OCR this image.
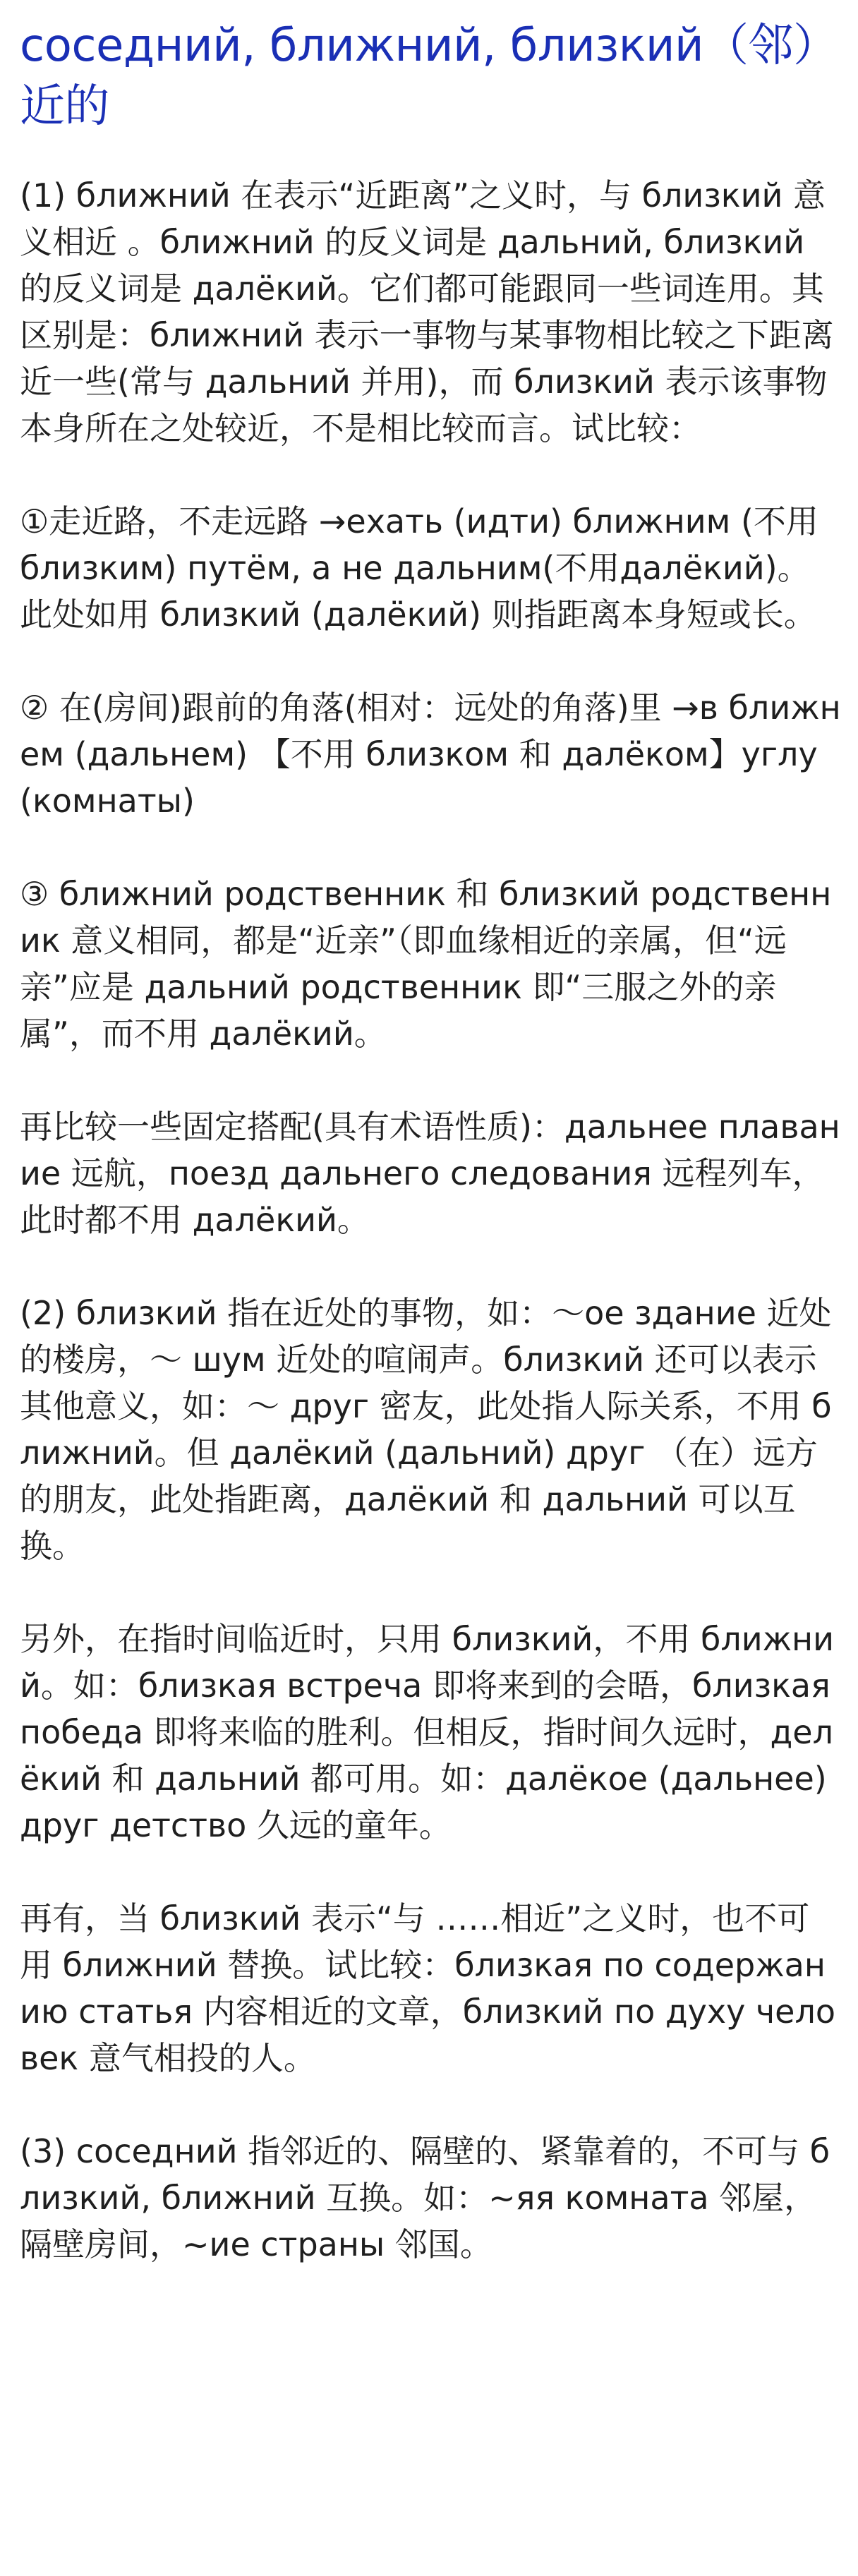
соседний, ближний, близкий（邻）近的

(1) ближний 在表示“近距离”之义时，与 близкий 意义相近 。ближний 的反义词是 дальний, близкий 的反义词是 далёкий。它们都可能跟同一些词连用。其区别是：ближний 表示一事物与某事物相比较之下距离近一些(常与 дальний 并用)，而 близкий 表示该事物本身所在之处较近，不是相比较而言。试比较：

①走近路，不走远路 →ехать (идти) ближним (不用 близким) путём, а не дальним(不用далёкий)。此处如用 близкий (далёкий) 则指距离本身短或长。

② 在(房间)跟前的角落(相对：远处的角落)里 →в ближнем (дальнем) 【不用 близком 和 далёком】углу (комнаты)

③ ближний родственник 和 близкий родственник 意义相同，都是“近亲”（即血缘相近的亲属，但“远亲”应是 дальний родственник 即“三服之外的亲属”，而不用 далёкий。

再比较一些固定搭配(具有术语性质)：дальнее плавание 远航，поезд дальнего следования 远程列车，此时都不用 далёкий。

(2) близкий 指在近处的事物，如：～ое здание 近处的楼房，～ шум 近处的喧闹声。близкий 还可以表示其他意义，如：～ друг 密友，此处指人际关系，不用 ближний。但 далёкий (дальний) друг （在）远方的朋友，此处指距离，далёкий 和 дальний 可以互换。

另外，在指时间临近时，只用 близкий，不用 ближний。如：близкая встреча 即将来到的会晤，близкая победа 即将来临的胜利。但相反，指时间久远时，делёкий 和 дальний 都可用。如：далёкое (дальнее) друг детство 久远的童年。

再有，当 близкий 表示“与 ……相近”之义时，也不可用 ближний 替换。试比较：близкая по содержанию статья 内容相近的文章，близкий по духу человек 意气相投的人。

(3) соседний 指邻近的、隔壁的、紧靠着的，不可与 близкий, ближний 互换。如：~яя комната 邻屋，隔壁房间，~ие страны 邻国。
